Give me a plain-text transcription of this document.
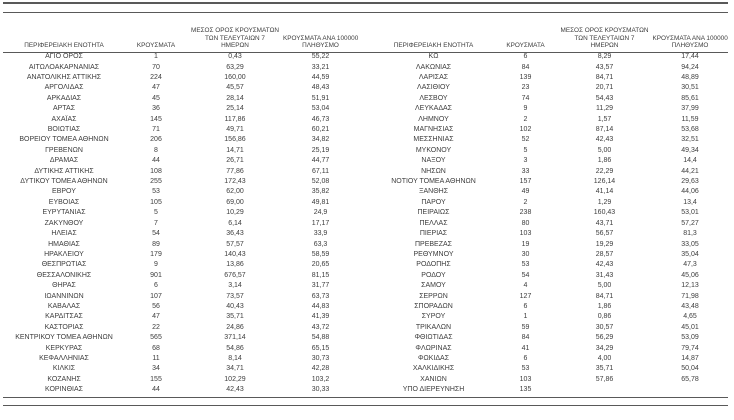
ΠΕΡΙΦΕΡΕΙΑΚΗ ΕΝΟΤΗΤΑ	ΚΡΟΥΣΜΑΤΑ
ΜΕΣΟΣ ΟΡΟΣ ΚΡΟΥΣΜΑΤΩΝ
ΤΩΝ ΤΕΛΕΥΤΑΙΩΝ 7
ΗΜΕΡΩΝ
ΚΡΟΥΣΜΑΤΑ ΑΝΑ 100000
ΠΛΗΘΥΣΜΟ
ΑΓΙΟ ΟΡΟΣ	1	0,43	55,22
ΑΙΤΩΛΟΑΚΑΡΝΑΝΙΑΣ	70	63,29	33,21
ΑΝΑΤΟΛΙΚΗΣ ΑΤΤΙΚΗΣ	224	160,00	44,59
ΑΡΓΟΛΙΔΑΣ	47	45,57	48,43
ΑΡΚΑΔΙΑΣ	45	28,14	51,91
ΑΡΤΑΣ	36	25,14	53,04
ΑΧΑΪΑΣ	145	117,86	46,73
ΒΟΙΩΤΙΑΣ	71	49,71	60,21
ΒΟΡΕΙΟΥ ΤΟΜΕΑ ΑΘΗΝΩΝ	206	156,86	34,82
ΓΡΕΒΕΝΩΝ	8	14,71	25,19
ΔΡΑΜΑΣ	44	26,71	44,77
ΔΥΤΙΚΗΣ ΑΤΤΙΚΗΣ	108	77,86	67,11
ΔΥΤΙΚΟΥ ΤΟΜΕΑ ΑΘΗΝΩΝ	255	172,43	52,08
ΕΒΡΟΥ	53	62,00	35,82
ΕΥΒΟΙΑΣ	105	69,00	49,81
ΕΥΡΥΤΑΝΙΑΣ	5	10,29	24,9
ΖΑΚΥΝΘΟΥ	7	6,14	17,17
ΗΛΕΙΑΣ	54	36,43	33,9
ΗΜΑΘΙΑΣ	89	57,57	63,3
ΗΡΑΚΛΕΙΟΥ	179	140,43	58,59
ΘΕΣΠΡΩΤΙΑΣ	9	13,86	20,65
ΘΕΣΣΑΛΟΝΙΚΗΣ	901	676,57	81,15
ΘΗΡΑΣ	6	3,14	31,77
ΙΩΑΝΝΙΝΩΝ	107	73,57	63,73
ΚΑΒΑΛΑΣ	56	40,43	44,83
ΚΑΡΔΙΤΣΑΣ	47	35,71	41,39
ΚΑΣΤΟΡΙΑΣ	22	24,86	43,72
ΚΕΝΤΡΙΚΟΥ ΤΟΜΕΑ ΑΘΗΝΩΝ	565	371,14	54,88
ΚΕΡΚΥΡΑΣ	68	54,86	65,15
ΚΕΦΑΛΛΗΝΙΑΣ	11	8,14	30,73
ΚΙΛΚΙΣ	34	34,71	42,28
ΚΟΖΑΝΗΣ	155	102,29	103,2
ΚΟΡΙΝΘΙΑΣ	44	42,43	30,33
ΠΕΡΙΦΕΡΕΙΑΚΗ ΕΝΟΤΗΤΑ	ΚΡΟΥΣΜΑΤΑ
ΜΕΣΟΣ ΟΡΟΣ ΚΡΟΥΣΜΑΤΩΝ
ΤΩΝ ΤΕΛΕΥΤΑΙΩΝ 7
ΗΜΕΡΩΝ
ΚΡΟΥΣΜΑΤΑ ΑΝΑ 100000
ΠΛΗΘΥΣΜΟ
ΚΩ	6	8,29	17,44
ΛΑΚΩΝΙΑΣ	84	43,57	94,24
ΛΑΡΙΣΑΣ	139	84,71	48,89
ΛΑΣΙΘΙΟΥ	23	20,71	30,51
ΛΕΣΒΟΥ	74	54,43	85,61
ΛΕΥΚΑΔΑΣ	9	11,29	37,99
ΛΗΜΝΟΥ	2	1,57	11,59
ΜΑΓΝΗΣΙΑΣ	102	87,14	53,68
ΜΕΣΣΗΝΙΑΣ	52	42,43	32,51
ΜΥΚΟΝΟΥ	5	5,00	49,34
ΝΑΞΟΥ	3	1,86	14,4
ΝΗΣΩΝ	33	22,29	44,21
ΝΟΤΙΟΥ ΤΟΜΕΑ ΑΘΗΝΩΝ	157	126,14	29,63
ΞΑΝΘΗΣ	49	41,14	44,06
ΠΑΡΟΥ	2	1,29	13,4
ΠΕΙΡΑΙΩΣ	238	160,43	53,01
ΠΕΛΛΑΣ	80	43,71	57,27
ΠΙΕΡΙΑΣ	103	56,57	81,3
ΠΡΕΒΕΖΑΣ	19	19,29	33,05
ΡΕΘΥΜΝΟΥ	30	28,57	35,04
ΡΟΔΟΠΗΣ	53	42,43	47,3
ΡΟΔΟΥ	54	31,43	45,06
ΣΑΜΟΥ	4	5,00	12,13
ΣΕΡΡΩΝ	127	84,71	71,98
ΣΠΟΡΑΔΩΝ	6	1,86	43,48
ΣΥΡΟΥ	1	0,86	4,65
ΤΡΙΚΑΛΩΝ	59	30,57	45,01
ΦΘΙΩΤΙΔΑΣ	84	56,29	53,09
ΦΛΩΡΙΝΑΣ	41	34,29	79,74
ΦΩΚΙΔΑΣ	6	4,00	14,87
ΧΑΛΚΙΔΙΚΗΣ	53	35,71	50,04
ΧΑΝΙΩΝ	103	57,86	65,78
ΥΠΟ ΔΙΕΡΕΥΝΗΣΗ	135
